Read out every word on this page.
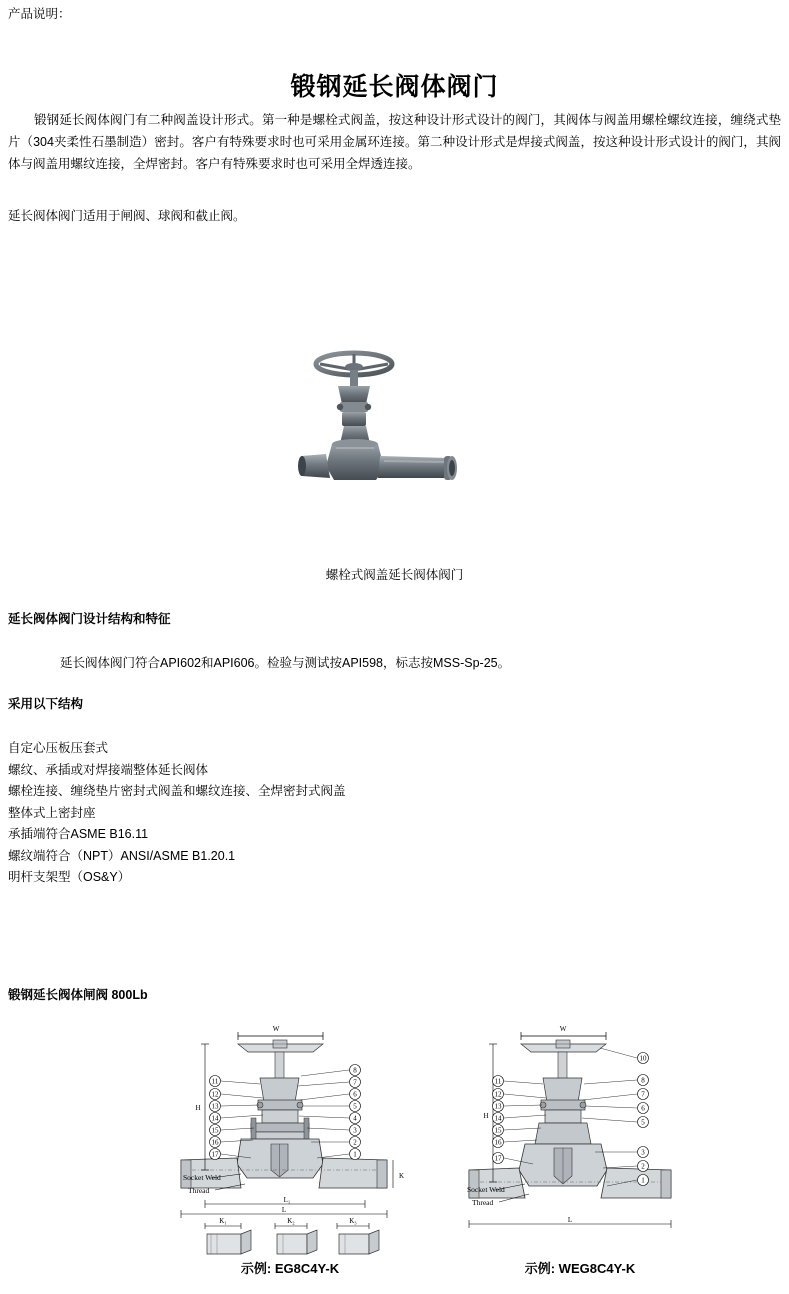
产品说明：
锻钢延长阀体阀门

锻钢延长阀体阀门有二种阀盖设计形式。第一种是螺栓式阀盖，按这种设计形式设计的阀门，其阀体与阀盖用螺栓螺纹连接，缠绕式垫片（304夹柔性石墨制造）密封。客户有特殊要求时也可采用金属环连接。第二种设计形式是焊接式阀盖，按这种设计形式设计的阀门，其阀体与阀盖用螺纹连接，全焊密封。客户有特殊要求时也可采用全焊透连接。

延长阀体阀门适用于闸阀、球阀和截止阀。

螺栓式阀盖延长阀体阀门
延长阀体阀门设计结构和特征
延长阀体阀门符合API602和API606。检验与测试按API598，标志按MSS-Sp-25。
采用以下结构
自定心压板压套式
螺纹、承插或对焊接端整体延长阀体
螺栓连接、缠绕垫片密封式阀盖和螺纹连接、全焊密封式阀盖
整体式上密封座
承插端符合ASME B16.11
螺纹端符合（NPT）ANSI/ASME B1.20.1
明杆支架型（OS&Y）
锻钢延长阀体闸阀 800Lb
W
H
K
L
L₁
Socket Weld
Thread
11
12
13
14
15
16
17
8
7
6
5
4
3
2
1
K₁	K₂	K₃
W
H
L
Socket Weld
Thread
11
12
13
14
15
16
17
10
8
7
6
5
3
2
1
示例: EG8C4Y-K	示例: WEG8C4Y-K
